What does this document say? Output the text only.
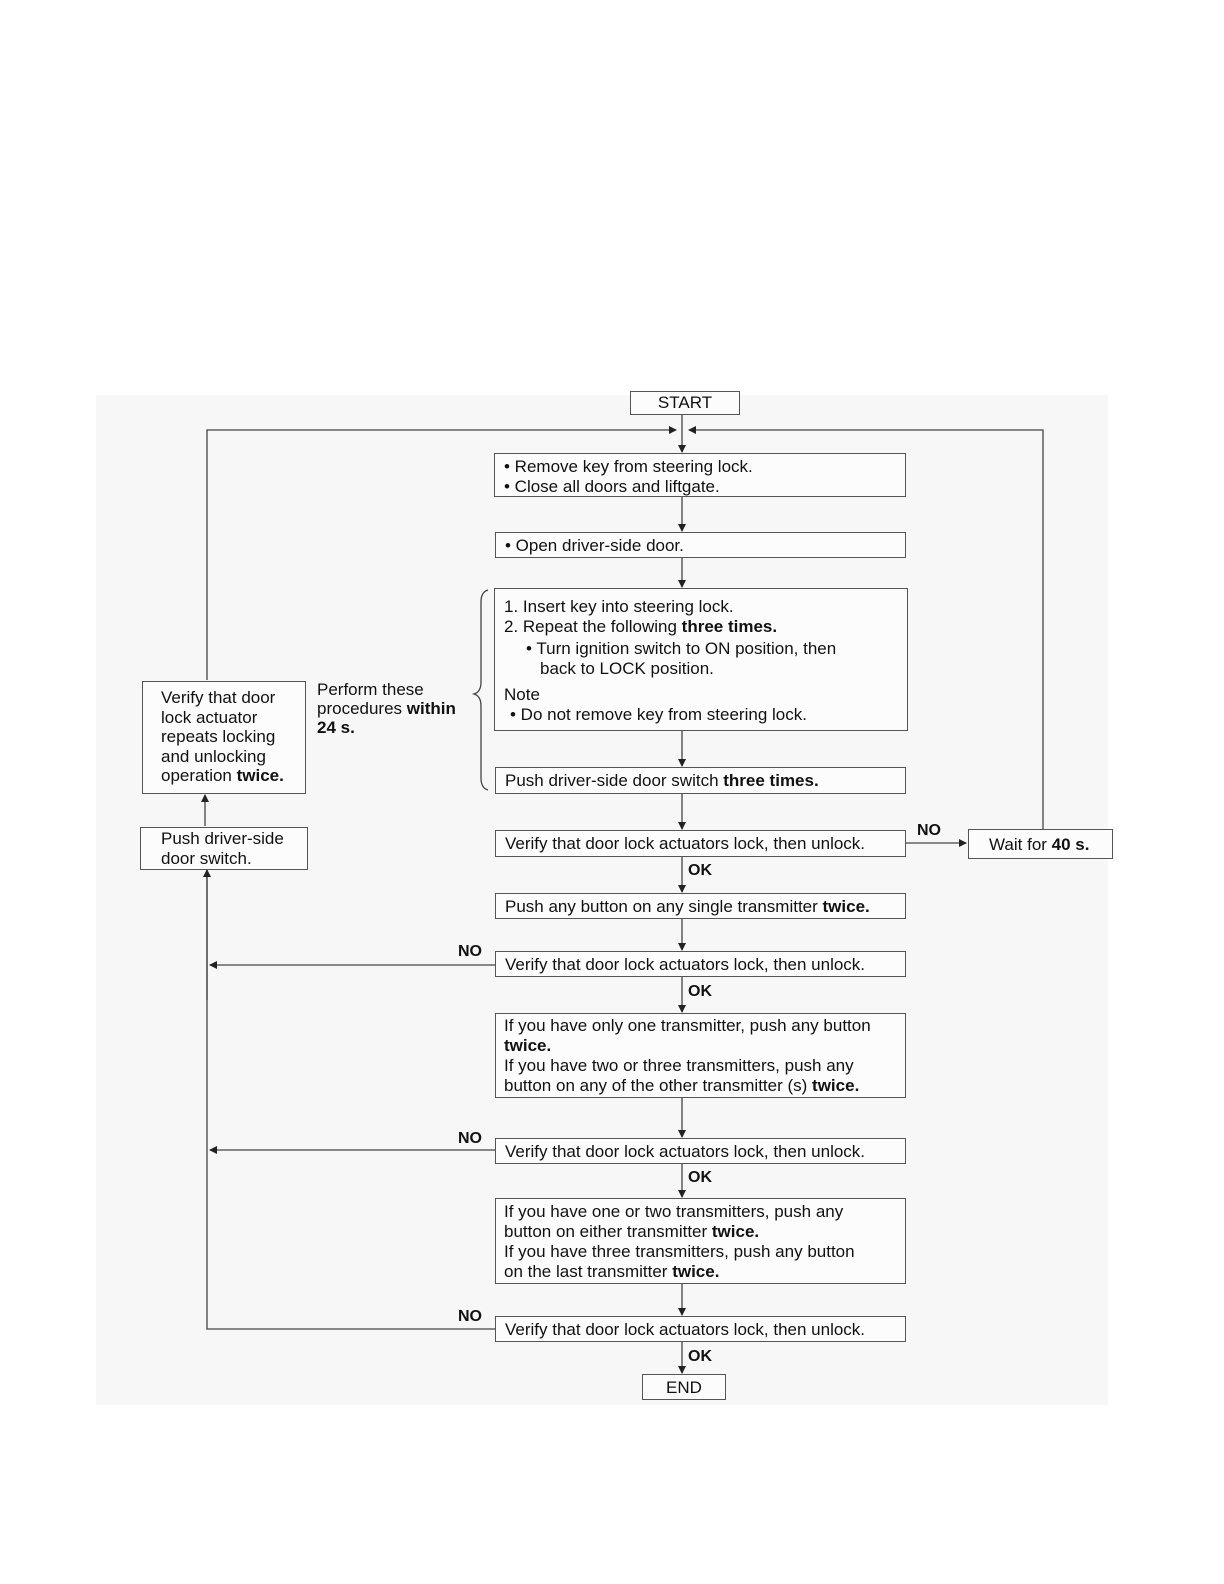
START
• Remove key from steering lock.
• Close all doors and liftgate.
• Open driver-side door.
1. Insert key into steering lock.
2. Repeat the following three times.
• Turn ignition switch to ON position, then
back to LOCK position.
Note
• Do not remove key from steering lock.
Push driver-side door switch three times.
Perform these
procedures within
24 s.
Verify that door lock actuators lock, then unlock.
NO
OK
Wait for 40 s.
Push any button on any single transmitter twice.
Verify that door lock actuators lock, then unlock.
NO
OK
If you have only one transmitter, push any button
twice.
If you have two or three transmitters, push any
button on any of the other transmitter (s) twice.
Verify that door lock actuators lock, then unlock.
NO
OK
If you have one or two transmitters, push any
button on either transmitter twice.
If you have three transmitters, push any button
on the last transmitter twice.
Verify that door lock actuators lock, then unlock.
NO
OK
END
Verify that door
lock actuator
repeats locking
and unlocking
operation twice.
Push driver-side
door switch.
